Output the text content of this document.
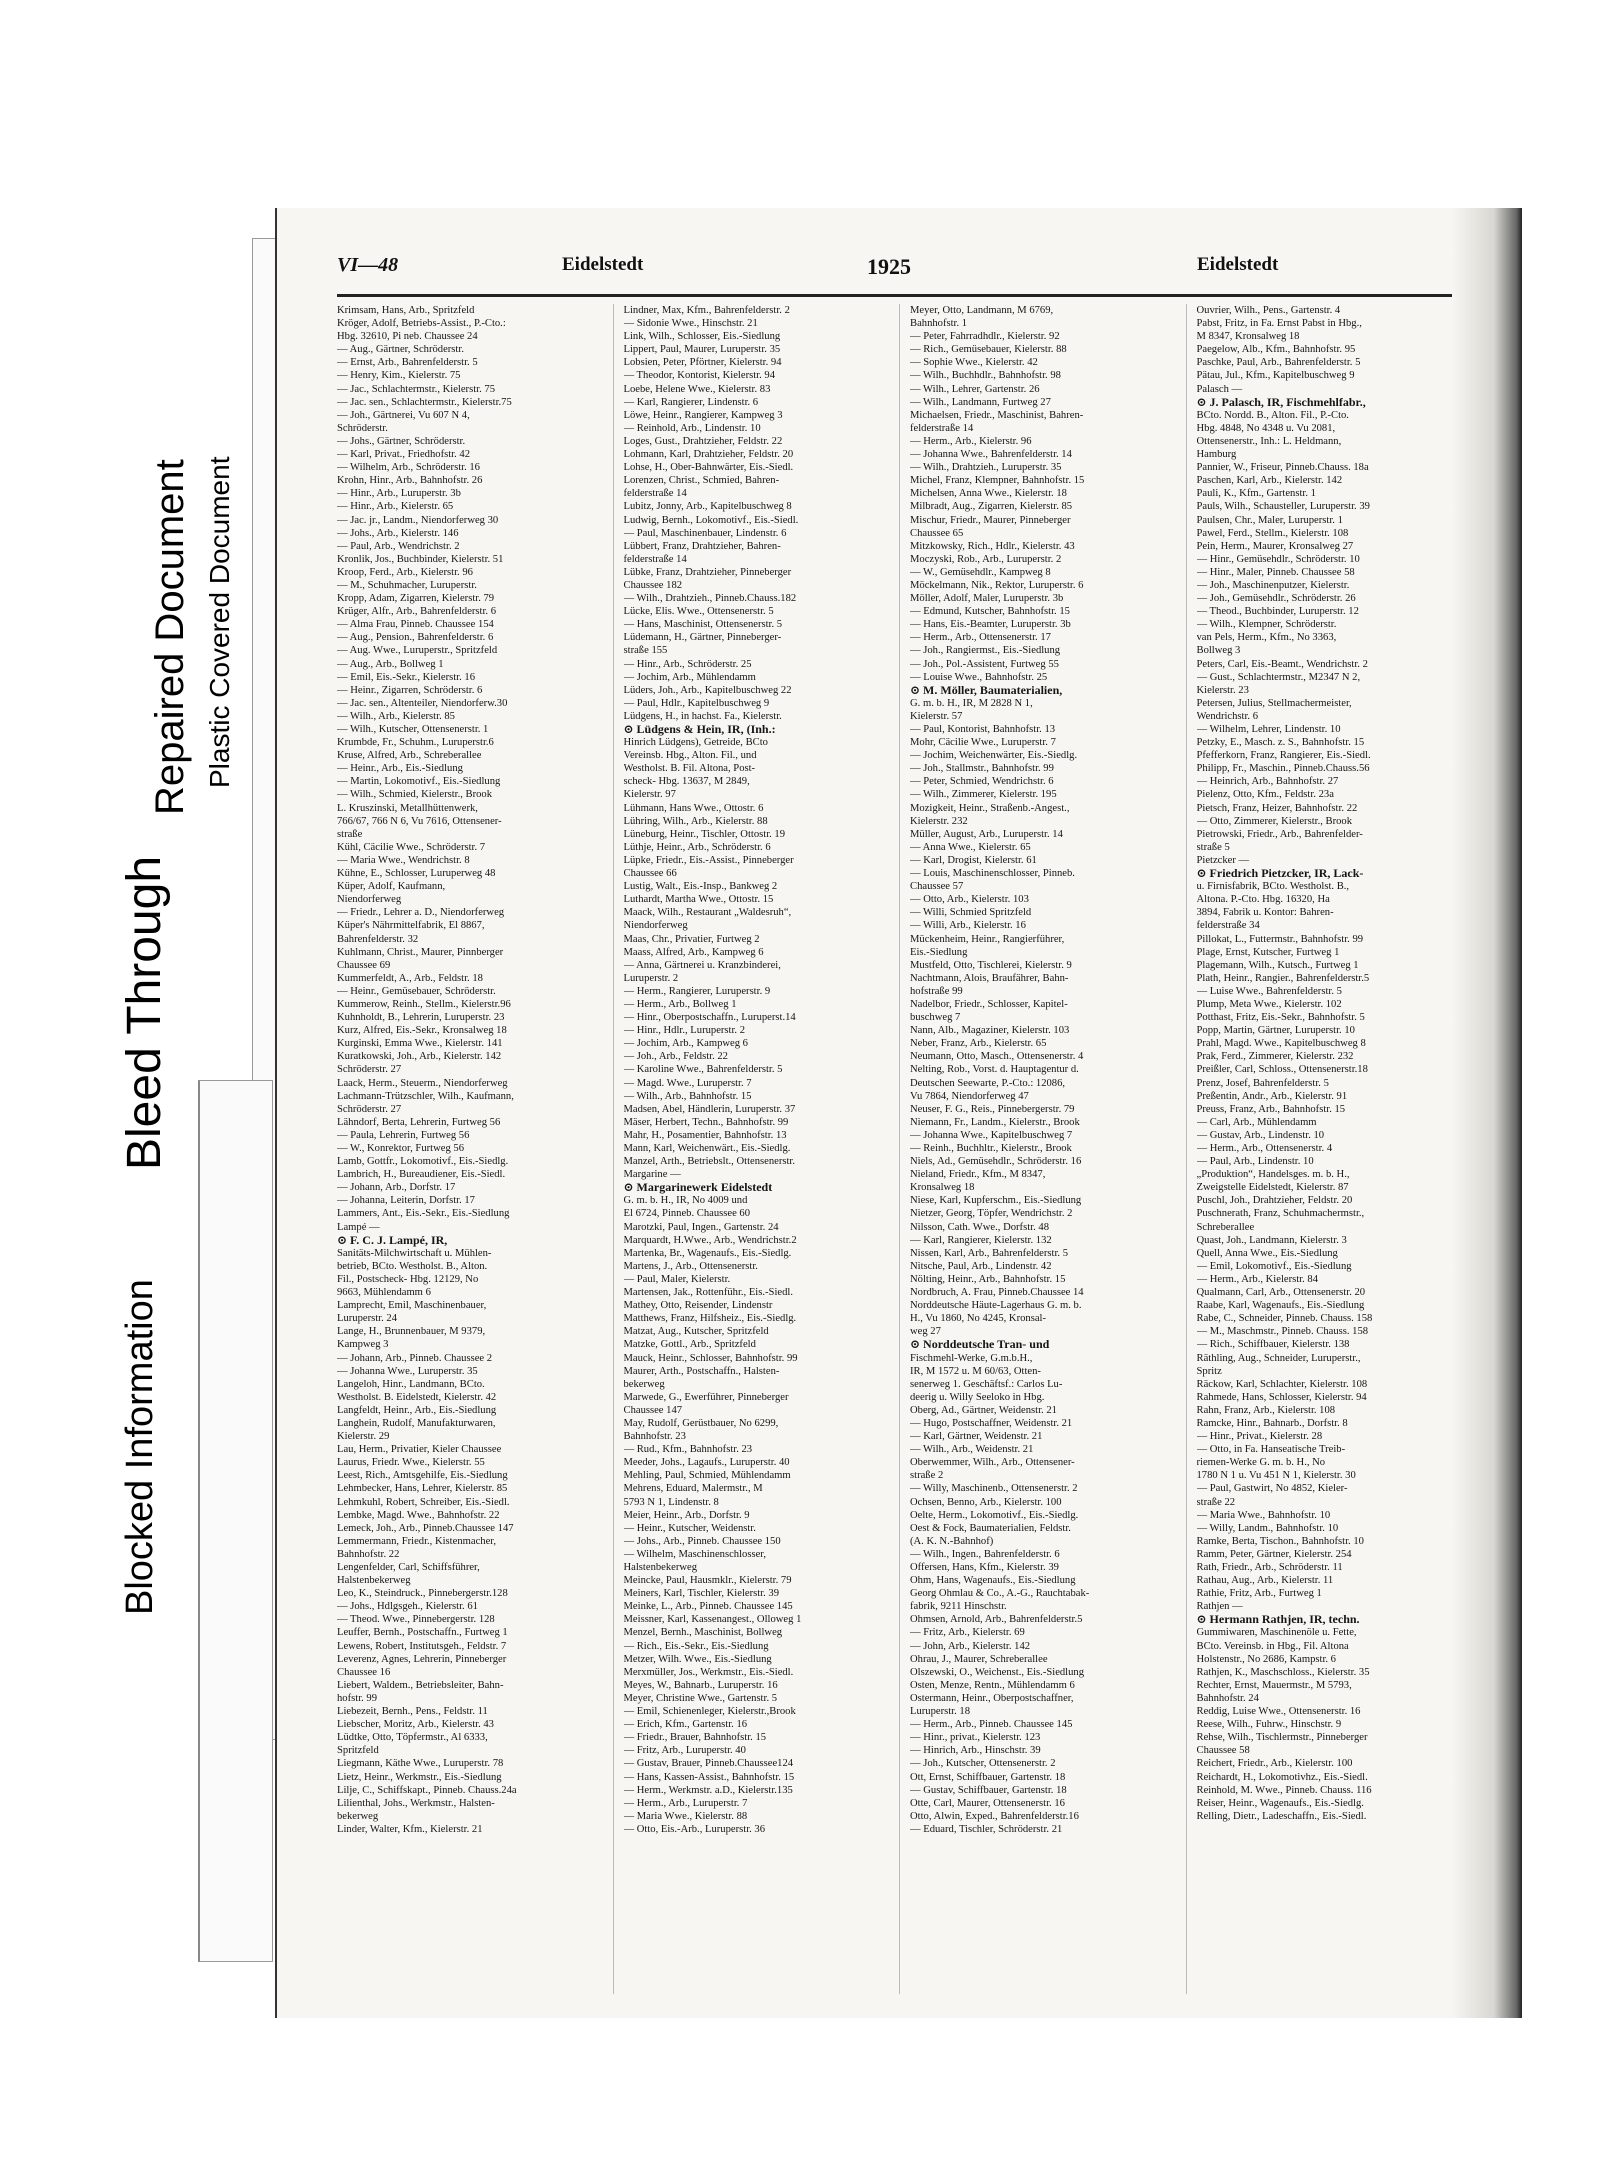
Blocked Information
Bleed Through
Repaired Document Plastic Covered Document
VI—48	Eidelstedt	1925	Eidelstedt
Krimsam, Hans, Arb., Spritzfeld
Kröger, Adolf, Betriebs-Assist., P.-Cto.:
Hbg. 32610, Pi neb. Chaussee 24
— Aug., Gärtner, Schröderstr.
— Ernst, Arb., Bahrenfelderstr. 5
— Henry, Kim., Kielerstr. 75
— Jac., Schlachtermstr., Kielerstr. 75
— Jac. sen., Schlachtermstr., Kielerstr.75
— Joh., Gärtnerei, Vu 607 N 4,
Schröderstr.
— Johs., Gärtner, Schröderstr.
— Karl, Privat., Friedhofstr. 42
— Wilhelm, Arb., Schröderstr. 16
Krohn, Hinr., Arb., Bahnhofstr. 26
— Hinr., Arb., Luruperstr. 3b
— Hinr., Arb., Kielerstr. 65
— Jac. jr., Landm., Niendorferweg 30
— Johs., Arb., Kielerstr. 146
— Paul, Arb., Wendrichstr. 2
Kronlik, Jos., Buchbinder, Kielerstr. 51
Kroop, Ferd., Arb., Kielerstr. 96
— M., Schuhmacher, Luruperstr.
Kropp, Adam, Zigarren, Kielerstr. 79
Krüger, Alfr., Arb., Bahrenfelderstr. 6
— Alma Frau, Pinneb. Chaussee 154
— Aug., Pension., Bahrenfelderstr. 6
— Aug. Wwe., Luruperstr., Spritzfeld
— Aug., Arb., Bollweg 1
— Emil, Eis.-Sekr., Kielerstr. 16
— Heinr., Zigarren, Schröderstr. 6
— Jac. sen., Altenteiler, Niendorferw.30
— Wilh., Arb., Kielerstr. 85
— Wilh., Kutscher, Ottensenerstr. 1
Krumbde, Fr., Schuhm., Luruperstr.6
Kruse, Alfred, Arb., Schreberallee
— Heinr., Arb., Eis.-Siedlung
— Martin, Lokomotivf., Eis.-Siedlung
— Wilh., Schmied, Kielerstr., Brook
L. Kruszinski, Metallhüttenwerk,
766/67, 766 N 6, Vu 7616, Ottensener-
straße
Kühl, Cäcilie Wwe., Schröderstr. 7
— Maria Wwe., Wendrichstr. 8
Kühne, E., Schlosser, Luruperweg 48
Küper, Adolf, Kaufmann,
Niendorferweg
— Friedr., Lehrer a. D., Niendorferweg
Küper's Nährmittelfabrik, El 8867,
Bahrenfelderstr. 32
Kuhlmann, Christ., Maurer, Pinnberger
Chaussee 69
Kummerfeldt, A., Arb., Feldstr. 18
— Heinr., Gemüsebauer, Schröderstr.
Kummerow, Reinh., Stellm., Kielerstr.96
Kuhnholdt, B., Lehrerin, Luruperstr. 23
Kurz, Alfred, Eis.-Sekr., Kronsalweg 18
Kurginski, Emma Wwe., Kielerstr. 141
Kuratkowski, Joh., Arb., Kielerstr. 142
Schröderstr. 27
Laack, Herm., Steuerm., Niendorferweg
Lachmann-Trützschler, Wilh., Kaufmann,
Schröderstr. 27
Lähndorf, Berta, Lehrerin, Furtweg 56
— Paula, Lehrerin, Furtweg 56
— W., Konrektor, Furtweg 56
Lamb, Gottfr., Lokomotivf., Eis.-Siedlg.
Lambrich, H., Bureaudiener, Eis.-Siedl.
— Johann, Arb., Dorfstr. 17
— Johanna, Leiterin, Dorfstr. 17
Lammers, Ant., Eis.-Sekr., Eis.-Siedlung
Lampé —
⊙ F. C. J. Lampé, IR,
Sanitäts-Milchwirtschaft u. Mühlen-
betrieb, BCto. Westholst. B., Alton.
Fil., Postscheck- Hbg. 12129, No
9663, Mühlendamm 6
Lamprecht, Emil, Maschinenbauer,
Luruperstr. 24
Lange, H., Brunnenbauer, M 9379,
Kampweg 3
— Johann, Arb., Pinneb. Chaussee 2
— Johanna Wwe., Luruperstr. 35
Langeloh, Hinr., Landmann, BCto.
Westholst. B. Eidelstedt, Kielerstr. 42
Langfeldt, Heinr., Arb., Eis.-Siedlung
Langhein, Rudolf, Manufakturwaren,
Kielerstr. 29
Lau, Herm., Privatier, Kieler Chaussee
Laurus, Friedr. Wwe., Kielerstr. 55
Leest, Rich., Amtsgehilfe, Eis.-Siedlung
Lehmbecker, Hans, Lehrer, Kielerstr. 85
Lehmkuhl, Robert, Schreiber, Eis.-Siedl.
Lembke, Magd. Wwe., Bahnhofstr. 22
Lemeck, Joh., Arb., Pinneb.Chaussee 147
Lemmermann, Friedr., Kistenmacher,
Bahnhofstr. 22
Lengenfelder, Carl, Schiffsführer,
Halstenbekerweg
Leo, K., Steindruck., Pinnebergerstr.128
— Johs., Hdlgsgeh., Kielerstr. 61
— Theod. Wwe., Pinnebergerstr. 128
Leuffer, Bernh., Postschaffn., Furtweg 1
Lewens, Robert, Institutsgeh., Feldstr. 7
Leverenz, Agnes, Lehrerin, Pinneberger
Chaussee 16
Liebert, Waldem., Betriebsleiter, Bahn-
hofstr. 99
Liebezeit, Bernh., Pens., Feldstr. 11
Liebscher, Moritz, Arb., Kielerstr. 43
Lüdtke, Otto, Töpfermstr., Al 6333,
Spritzfeld
Liegmann, Käthe Wwe., Luruperstr. 78
Lietz, Heinr., Werkmstr., Eis.-Siedlung
Lilje, C., Schiffskapt., Pinneb. Chauss.24a
Lilienthal, Johs., Werkmstr., Halsten-
bekerweg
Linder, Walter, Kfm., Kielerstr. 21
Lindner, Max, Kfm., Bahrenfelderstr. 2
— Sidonie Wwe., Hinschstr. 21
Link, Wilh., Schlosser, Eis.-Siedlung
Lippert, Paul, Maurer, Luruperstr. 35
Lobsien, Peter, Pförtner, Kielerstr. 94
— Theodor, Kontorist, Kielerstr. 94
Loebe, Helene Wwe., Kielerstr. 83
— Karl, Rangierer, Lindenstr. 6
Löwe, Heinr., Rangierer, Kampweg 3
— Reinhold, Arb., Lindenstr. 10
Loges, Gust., Drahtzieher, Feldstr. 22
Lohmann, Karl, Drahtzieher, Feldstr. 20
Lohse, H., Ober-Bahnwärter, Eis.-Siedl.
Lorenzen, Christ., Schmied, Bahren-
felderstraße 14
Lubitz, Jonny, Arb., Kapitelbuschweg 8
Ludwig, Bernh., Lokomotivf., Eis.-Siedl.
— Paul, Maschinenbauer, Lindenstr. 6
Lübbert, Franz, Drahtzieher, Bahren-
felderstraße 14
Lübke, Franz, Drahtzieher, Pinneberger
Chaussee 182
— Wilh., Drahtzieh., Pinneb.Chauss.182
Lücke, Elis. Wwe., Ottensenerstr. 5
— Hans, Maschinist, Ottensenerstr. 5
Lüdemann, H., Gärtner, Pinneberger-
straße 155
— Hinr., Arb., Schröderstr. 25
— Jochim, Arb., Mühlendamm
Lüders, Joh., Arb., Kapitelbuschweg 22
— Paul, Hdlr., Kapitelbuschweg 9
Lüdgens, H., in hachst. Fa., Kielerstr.
⊙ Lüdgens & Hein, IR, (Inh.:
Hinrich Lüdgens), Getreide, BCto
Vereinsb. Hbg., Alton. Fil., und
Westholst. B. Fil. Altona, Post-
scheck- Hbg. 13637, M 2849,
Kielerstr. 97
Lühmann, Hans Wwe., Ottostr. 6
Lühring, Wilh., Arb., Kielerstr. 88
Lüneburg, Heinr., Tischler, Ottostr. 19
Lüthje, Heinr., Arb., Schröderstr. 6
Lüpke, Friedr., Eis.-Assist., Pinneberger
Chaussee 66
Lustig, Walt., Eis.-Insp., Bankweg 2
Luthardt, Martha Wwe., Ottostr. 15
Maack, Wilh., Restaurant „Waldesruh“,
Niendorferweg
Maas, Chr., Privatier, Furtweg 2
Maass, Alfred, Arb., Kampweg 6
— Anna, Gärtnerei u. Kranzbinderei,
Luruperstr. 2
— Herm., Rangierer, Luruperstr. 9
— Herm., Arb., Bollweg 1
— Hinr., Oberpostschaffn., Luruperst.14
— Hinr., Hdlr., Luruperstr. 2
— Jochim, Arb., Kampweg 6
— Joh., Arb., Feldstr. 22
— Karoline Wwe., Bahrenfelderstr. 5
— Magd. Wwe., Luruperstr. 7
— Wilh., Arb., Bahnhofstr. 15
Madsen, Abel, Händlerin, Luruperstr. 37
Mäser, Herbert, Techn., Bahnhofstr. 99
Mahr, H., Posamentier, Bahnhofstr. 13
Mann, Karl, Weichenwärt., Eis.-Siedlg.
Manzel, Arth., Betriebslt., Ottensenerstr.
Margarine —
⊙ Margarinewerk Eidelstedt
G. m. b. H., IR, No 4009 und
El 6724, Pinneb. Chaussee 60
Marotzki, Paul, Ingen., Gartenstr. 24
Marquardt, H.Wwe., Arb., Wendrichstr.2
Martenka, Br., Wagenaufs., Eis.-Siedlg.
Martens, J., Arb., Ottensenerstr.
— Paul, Maler, Kielerstr.
Martensen, Jak., Rottenführ., Eis.-Siedl.
Mathey, Otto, Reisender, Lindenstr
Matthews, Franz, Hilfsheiz., Eis.-Siedlg.
Matzat, Aug., Kutscher, Spritzfeld
Matzke, Gottl., Arb., Spritzfeld
Mauck, Heinr., Schlosser, Bahnhofstr. 99
Maurer, Arth., Postschaffn., Halsten-
bekerweg
Marwede, G., Ewerführer, Pinneberger
Chaussee 147
May, Rudolf, Gerüstbauer, No 6299,
Bahnhofstr. 23
— Rud., Kfm., Bahnhofstr. 23
Meeder, Johs., Lagaufs., Luruperstr. 40
Mehling, Paul, Schmied, Mühlendamm
Mehrens, Eduard, Malermstr., M
5793 N 1, Lindenstr. 8
Meier, Heinr., Arb., Dorfstr. 9
— Heinr., Kutscher, Weidenstr.
— Johs., Arb., Pinneb. Chaussee 150
— Wilhelm, Maschinenschlosser,
Halstenbekerweg
Meincke, Paul, Hausmklr., Kielerstr. 79
Meiners, Karl, Tischler, Kielerstr. 39
Meinke, L., Arb., Pinneb. Chaussee 145
Meissner, Karl, Kassenangest., Olloweg 1
Menzel, Bernh., Maschinist, Bollweg
— Rich., Eis.-Sekr., Eis.-Siedlung
Metzer, Wilh. Wwe., Eis.-Siedlung
Merxmüller, Jos., Werkmstr., Eis.-Siedl.
Meyes, W., Bahnarb., Luruperstr. 16
Meyer, Christine Wwe., Gartenstr. 5
— Emil, Schienenleger, Kielerstr.,Brook
— Erich, Kfm., Gartenstr. 16
— Friedr., Brauer, Bahnhofstr. 15
— Fritz, Arb., Luruperstr. 40
— Gustav, Brauer, Pinneb.Chaussee124
— Hans, Kassen-Assist., Bahnhofstr. 15
— Herm., Werkmstr. a.D., Kielerstr.135
— Herm., Arb., Luruperstr. 7
— Maria Wwe., Kielerstr. 88
— Otto, Eis.-Arb., Luruperstr. 36
Meyer, Otto, Landmann, M 6769,
Bahnhofstr. 1
— Peter, Fahrradhdlr., Kielerstr. 92
— Rich., Gemüsebauer, Kielerstr. 88
— Sophie Wwe., Kielerstr. 42
— Wilh., Buchhdlr., Bahnhofstr. 98
— Wilh., Lehrer, Gartenstr. 26
— Wilh., Landmann, Furtweg 27
Michaelsen, Friedr., Maschinist, Bahren-
felderstraße 14
— Herm., Arb., Kielerstr. 96
— Johanna Wwe., Bahrenfelderstr. 14
— Wilh., Drahtzieh., Luruperstr. 35
Michel, Franz, Klempner, Bahnhofstr. 15
Michelsen, Anna Wwe., Kielerstr. 18
Milbradt, Aug., Zigarren, Kielerstr. 85
Mischur, Friedr., Maurer, Pinneberger
Chaussee 65
Mitzkowsky, Rich., Hdlr., Kielerstr. 43
Moczyski, Rob., Arb., Luruperstr. 2
— W., Gemüsehdlr., Kampweg 8
Möckelmann, Nik., Rektor, Luruperstr. 6
Möller, Adolf, Maler, Luruperstr. 3b
— Edmund, Kutscher, Bahnhofstr. 15
— Hans, Eis.-Beamter, Luruperstr. 3b
— Herm., Arb., Ottensenerstr. 17
— Joh., Rangiermst., Eis.-Siedlung
— Joh., Pol.-Assistent, Furtweg 55
— Louise Wwe., Bahnhofstr. 25
⊙ M. Möller, Baumaterialien,
G. m. b. H., IR, M 2828 N 1,
Kielerstr. 57
— Paul, Kontorist, Bahnhofstr. 13
Mohr, Cäcilie Wwe., Luruperstr. 7
— Jochim, Weichenwärter, Eis.-Siedlg.
— Joh., Stallmstr., Bahnhofstr. 99
— Peter, Schmied, Wendrichstr. 6
— Wilh., Zimmerer, Kielerstr. 195
Mozigkeit, Heinr., Straßenb.-Angest.,
Kielerstr. 232
Müller, August, Arb., Luruperstr. 14
— Anna Wwe., Kielerstr. 65
— Karl, Drogist, Kielerstr. 61
— Louis, Maschinenschlosser, Pinneb.
Chaussee 57
— Otto, Arb., Kielerstr. 103
— Willi, Schmied Spritzfeld
— Willi, Arb., Kielerstr. 16
Mückenheim, Heinr., Rangierführer,
Eis.-Siedlung
Mustfeld, Otto, Tischlerei, Kielerstr. 9
Nachtmann, Alois, Braufährer, Bahn-
hofstraße 99
Nadelbor, Friedr., Schlosser, Kapitel-
buschweg 7
Nann, Alb., Magaziner, Kielerstr. 103
Neber, Franz, Arb., Kielerstr. 65
Neumann, Otto, Masch., Ottensenerstr. 4
Nelting, Rob., Vorst. d. Hauptagentur d.
Deutschen Seewarte, P.-Cto.: 12086,
Vu 7864, Niendorferweg 47
Neuser, F. G., Reis., Pinnebergerstr. 79
Niemann, Fr., Landm., Kielerstr., Brook
— Johanna Wwe., Kapitelbuschweg 7
— Reinh., Buchhltr., Kielerstr., Brook
Niels, Ad., Gemüsehdlr., Schröderstr. 16
Nieland, Friedr., Kfm., M 8347,
Kronsalweg 18
Niese, Karl, Kupferschm., Eis.-Siedlung
Nietzer, Georg, Töpfer, Wendrichstr. 2
Nilsson, Cath. Wwe., Dorfstr. 48
— Karl, Rangierer, Kielerstr. 132
Nissen, Karl, Arb., Bahrenfelderstr. 5
Nitsche, Paul, Arb., Lindenstr. 42
Nölting, Heinr., Arb., Bahnhofstr. 15
Nordbruch, A. Frau, Pinneb.Chaussee 14
Norddeutsche Häute-Lagerhaus G. m. b.
H., Vu 1860, No 4245, Kronsal-
weg 27
⊙ Norddeutsche Tran- und
Fischmehl-Werke, G.m.b.H.,
IR, M 1572 u. M 60/63, Otten-
senerweg 1. Geschäftsf.: Carlos Lu-
deerig u. Willy Seeloko in Hbg.
Oberg, Ad., Gärtner, Weidenstr. 21
— Hugo, Postschaffner, Weidenstr. 21
— Karl, Gärtner, Weidenstr. 21
— Wilh., Arb., Weidenstr. 21
Oberwemmer, Wilh., Arb., Ottensener-
straße 2
— Willy, Maschinenb., Ottensenerstr. 2
Ochsen, Benno, Arb., Kielerstr. 100
Oelte, Herm., Lokomotivf., Eis.-Siedlg.
Oest & Fock, Baumaterialien, Feldstr.
(A. K. N.-Bahnhof)
— Wilh., Ingen., Bahrenfelderstr. 6
Offersen, Hans, Kfm., Kielerstr. 39
Ohm, Hans, Wagenaufs., Eis.-Siedlung
Georg Ohmlau & Co., A.-G., Rauchtabak-
fabrik, 9211 Hinschstr.
Ohmsen, Arnold, Arb., Bahrenfelderstr.5
— Fritz, Arb., Kielerstr. 69
— John, Arb., Kielerstr. 142
Ohrau, J., Maurer, Schreberallee
Olszewski, O., Weichenst., Eis.-Siedlung
Osten, Menze, Rentn., Mühlendamm 6
Ostermann, Heinr., Oberpostschaffner,
Luruperstr. 18
— Herm., Arb., Pinneb. Chaussee 145
— Hinr., privat., Kielerstr. 123
— Hinrich, Arb., Hinschstr. 39
— Joh., Kutscher, Ottensenerstr. 2
Ott, Ernst, Schiffbauer, Gartenstr. 18
— Gustav, Schiffbauer, Gartenstr. 18
Otte, Carl, Maurer, Ottensenerstr. 16
Otto, Alwin, Exped., Bahrenfelderstr.16
— Eduard, Tischler, Schröderstr. 21
Ouvrier, Wilh., Pens., Gartenstr. 4
Pabst, Fritz, in Fa. Ernst Pabst in Hbg.,
M 8347, Kronsalweg 18
Paegelow, Alb., Kfm., Bahnhofstr. 95
Paschke, Paul, Arb., Bahrenfelderstr. 5
Pätau, Jul., Kfm., Kapitelbuschweg 9
Palasch —
⊙ J. Palasch, IR, Fischmehlfabr.,
BCto. Nordd. B., Alton. Fil., P.-Cto.
Hbg. 4848, No 4348 u. Vu 2081,
Ottensenerstr., Inh.: L. Heldmann,
Hamburg
Pannier, W., Friseur, Pinneb.Chauss. 18a
Paschen, Karl, Arb., Kielerstr. 142
Pauli, K., Kfm., Gartenstr. 1
Pauls, Wilh., Schausteller, Luruperstr. 39
Paulsen, Chr., Maler, Luruperstr. 1
Pawel, Ferd., Stellm., Kielerstr. 108
Pein, Herm., Maurer, Kronsalweg 27
— Hinr., Gemüsehdlr., Schröderstr. 10
— Hinr., Maler, Pinneb. Chaussee 58
— Joh., Maschinenputzer, Kielerstr.
— Joh., Gemüsehdlr., Schröderstr. 26
— Theod., Buchbinder, Luruperstr. 12
— Wilh., Klempner, Schröderstr.
van Pels, Herm., Kfm., No 3363,
Bollweg 3
Peters, Carl, Eis.-Beamt., Wendrichstr. 2
— Gust., Schlachtermstr., M2347 N 2,
Kielerstr. 23
Petersen, Julius, Stellmachermeister,
Wendrichstr. 6
— Wilhelm, Lehrer, Lindenstr. 10
Petzky, E., Masch. z. S., Bahnhofstr. 15
Pfefferkorn, Franz, Rangierer, Eis.-Siedl.
Philipp, Fr., Maschin., Pinneb.Chauss.56
— Heinrich, Arb., Bahnhofstr. 27
Pielenz, Otto, Kfm., Feldstr. 23a
Pietsch, Franz, Heizer, Bahnhofstr. 22
— Otto, Zimmerer, Kielerstr., Brook
Pietrowski, Friedr., Arb., Bahrenfelder-
straße 5
Pietzcker —
⊙ Friedrich Pietzcker, IR, Lack-
u. Firnisfabrik, BCto. Westholst. B.,
Altona. P.-Cto. Hbg. 16320, Ha
3894, Fabrik u. Kontor: Bahren-
felderstraße 34
Pillokat, L., Futtermstr., Bahnhofstr. 99
Plage, Ernst, Kutscher, Furtweg 1
Plagemann, Wilh., Kutsch., Furtweg 1
Plath, Heinr., Rangier., Bahrenfelderstr.5
— Luise Wwe., Bahrenfelderstr. 5
Plump, Meta Wwe., Kielerstr. 102
Potthast, Fritz, Eis.-Sekr., Bahnhofstr. 5
Popp, Martin, Gärtner, Luruperstr. 10
Prahl, Magd. Wwe., Kapitelbuschweg 8
Prak, Ferd., Zimmerer, Kielerstr. 232
Preißler, Carl, Schloss., Ottensenerstr.18
Prenz, Josef, Bahrenfelderstr. 5
Preßentin, Andr., Arb., Kielerstr. 91
Preuss, Franz, Arb., Bahnhofstr. 15
— Carl, Arb., Mühlendamm
— Gustav, Arb., Lindenstr. 10
— Herm., Arb., Ottensenerstr. 4
— Paul, Arb., Lindenstr. 10
„Produktion“, Handelsges. m. b. H.,
Zweigstelle Eidelstedt, Kielerstr. 87
Puschl, Joh., Drahtzieher, Feldstr. 20
Puschnerath, Franz, Schuhmachermstr.,
Schreberallee
Quast, Joh., Landmann, Kielerstr. 3
Quell, Anna Wwe., Eis.-Siedlung
— Emil, Lokomotivf., Eis.-Siedlung
— Herm., Arb., Kielerstr. 84
Qualmann, Carl, Arb., Ottensenerstr. 20
Raabe, Karl, Wagenaufs., Eis.-Siedlung
Rabe, C., Schneider, Pinneb. Chauss. 158
— M., Maschmstr., Pinneb. Chauss. 158
— Rich., Schiffbauer, Kielerstr. 138
Räthling, Aug., Schneider, Luruperstr.,
Spritz
Räckow, Karl, Schlachter, Kielerstr. 108
Rahmede, Hans, Schlosser, Kielerstr. 94
Rahn, Franz, Arb., Kielerstr. 108
Ramcke, Hinr., Bahnarb., Dorfstr. 8
— Hinr., Privat., Kielerstr. 28
— Otto, in Fa. Hanseatische Treib-
riemen-Werke G. m. b. H., No
1780 N 1 u. Vu 451 N 1, Kielerstr. 30
— Paul, Gastwirt, No 4852, Kieler-
straße 22
— Maria Wwe., Bahnhofstr. 10
— Willy, Landm., Bahnhofstr. 10
Ramke, Berta, Tischon., Bahnhofstr. 10
Ramm, Peter, Gärtner, Kielerstr. 254
Rath, Friedr., Arb., Schröderstr. 11
Rathau, Aug., Arb., Kielerstr. 11
Rathie, Fritz, Arb., Furtweg 1
Rathjen —
⊙ Hermann Rathjen, IR, techn.
Gummiwaren, Maschinenöle u. Fette,
BCto. Vereinsb. in Hbg., Fil. Altona
Holstenstr., No 2686, Kampstr. 6
Rathjen, K., Maschschloss., Kielerstr. 35
Rechter, Ernst, Mauermstr., M 5793,
Bahnhofstr. 24
Reddig, Luise Wwe., Ottensenerstr. 16
Reese, Wilh., Fuhrw., Hinschstr. 9
Rehse, Wilh., Tischlermstr., Pinneberger
Chaussee 58
Reichert, Friedr., Arb., Kielerstr. 100
Reichardt, H., Lokomotivhz., Eis.-Siedl.
Reinhold, M. Wwe., Pinneb. Chauss. 116
Reiser, Heinr., Wagenaufs., Eis.-Siedlg.
Relling, Dietr., Ladeschaffn., Eis.-Siedl.
